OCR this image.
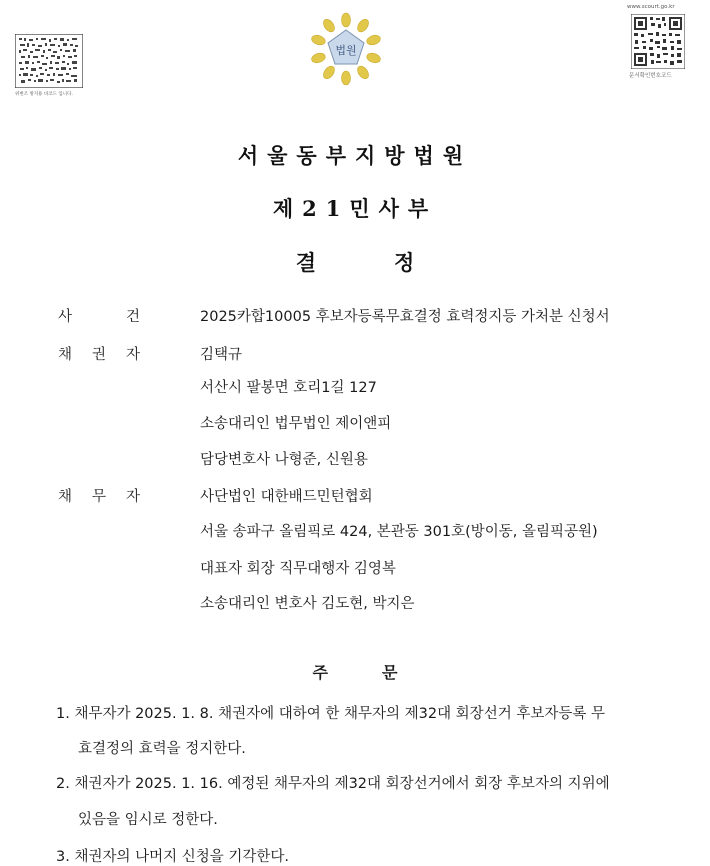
위변조 방지용 바코드 입니다.
법원
www.scourt.go.kr
문서확인번호코드
서울동부지방법원
제21민사부
결정
사	건	2025카합10005 후보자등록무효결정 효력정지등 가처분 신청서
채 권 자	김택규
서산시 팔봉면 호리1길 127
소송대리인 법무법인 제이앤피
담당변호사 나형준, 신원용
채 무 자	사단법인 대한배드민턴협회
서울 송파구 올림픽로 424, 본관동 301호(방이동, 올림픽공원)
대표자 회장 직무대행자 김영복
소송대리인 변호사 김도현, 박지은
주문
1. 채무자가 2025. 1. 8. 채권자에 대하여 한 채무자의 제32대 회장선거 후보자등록 무
효결정의 효력을 정지한다.
2. 채권자가 2025. 1. 16. 예정된 채무자의 제32대 회장선거에서 회장 후보자의 지위에
있음을 임시로 정한다.
3. 채권자의 나머지 신청을 기각한다.
